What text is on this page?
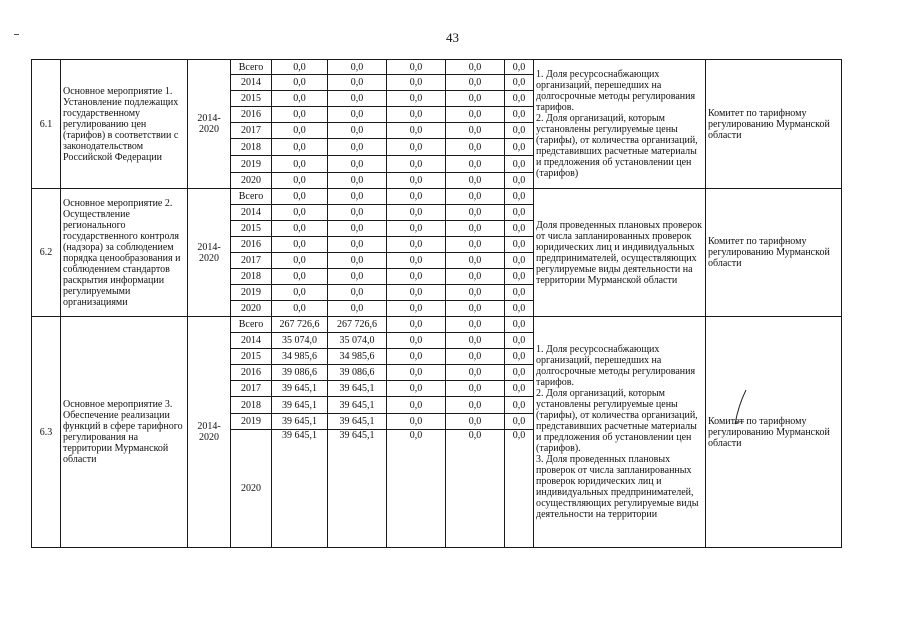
43
6.1	Основное мероприятие 1. Установление подлежащих государственному регулированию цен (тарифов) в соответствии с законодательством Российской Федерации	2014-2020	Всего	0,0	0,0	0,0	0,0	0,0	1. Доля ресурсоснабжающих организаций, перешедших на долгосрочные методы регулирования тарифов.
2. Доля организаций, которым установлены регулируемые цены (тарифы), от количества организаций, представивших расчетные материалы и предложения об установлении цен (тарифов)	Комитет по тарифному регулированию Мурманской области
			2014	0,0	0,0	0,0	0,0	0,0		
			2015	0,0	0,0	0,0	0,0	0,0		
			2016	0,0	0,0	0,0	0,0	0,0		
			2017	0,0	0,0	0,0	0,0	0,0		
			2018	0,0	0,0	0,0	0,0	0,0		
			2019	0,0	0,0	0,0	0,0	0,0		
			2020	0,0	0,0	0,0	0,0	0,0		
6.2	Основное мероприятие 2. Осуществление регионального государственного контроля (надзора) за соблюдением порядка ценообразования и соблюдением стандартов раскрытия информации регулируемыми организациями	2014-2020	Всего	0,0	0,0	0,0	0,0	0,0	Доля проведенных плановых проверок от числа запланированных проверок юридических лиц и индивидуальных предпринимателей, осуществляющих регулируемые виды деятельности на территории Мурманской области	Комитет по тарифному регулированию Мурманской области
			2014	0,0	0,0	0,0	0,0	0,0		
			2015	0,0	0,0	0,0	0,0	0,0		
			2016	0,0	0,0	0,0	0,0	0,0		
			2017	0,0	0,0	0,0	0,0	0,0		
			2018	0,0	0,0	0,0	0,0	0,0		
			2019	0,0	0,0	0,0	0,0	0,0		
			2020	0,0	0,0	0,0	0,0	0,0		
6.3	Основное мероприятие 3. Обеспечение реализации функций в сфере тарифного регулирования на территории Мурманской области	2014-2020	Всего	267 726,6	267 726,6	0,0	0,0	0,0	1. Доля ресурсоснабжающих организаций, перешедших на долгосрочные методы регулирования тарифов.
2. Доля организаций, которым установлены регулируемые цены (тарифы), от количества организаций, представивших расчетные материалы и предложения об установлении цен (тарифов).
3. Доля проведенных плановых проверок от числа запланированных проверок юридических лиц и индивидуальных предпринимателей, осуществляющих регулируемые виды деятельности на территории	Комитет по тарифному регулированию Мурманской области
			2014	35 074,0	35 074,0	0,0	0,0	0,0		
			2015	34 985,6	34 985,6	0,0	0,0	0,0		
			2016	39 086,6	39 086,6	0,0	0,0	0,0		
			2017	39 645,1	39 645,1	0,0	0,0	0,0		
			2018	39 645,1	39 645,1	0,0	0,0	0,0		
			2019	39 645,1	39 645,1	0,0	0,0	0,0		
			2020	39 645,1	39 645,1	0,0	0,0	0,0		
